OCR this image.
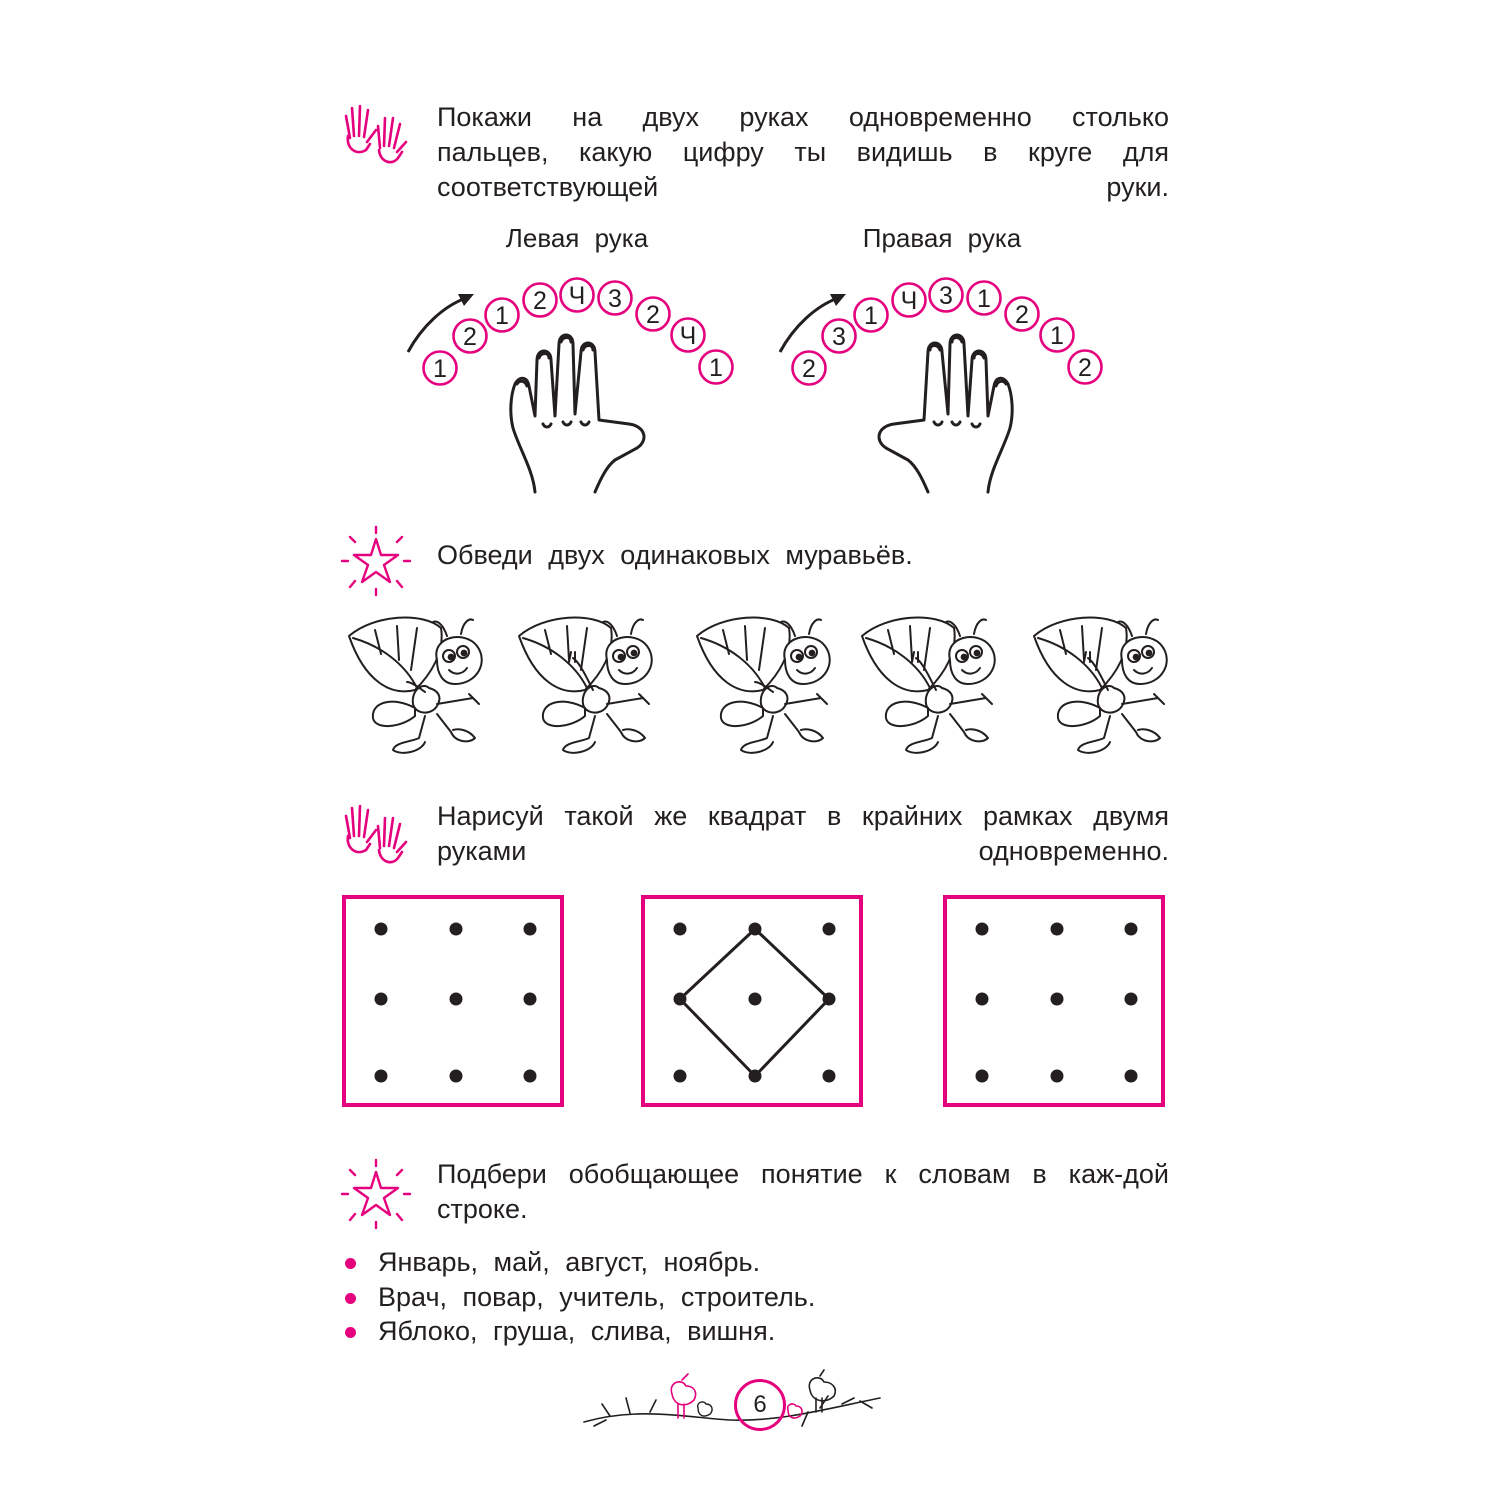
Покажи на двух руках одновременно столько пальцев, какую цифру ты видишь в круге для соответствующей руки.
Левая рука	Правая рука
1
2
1
2 Ч 3
2
Ч
1	2
3
1
Ч 3 1
2
1
2
Обведи двух одинаковых муравьёв.
Нарисуй такой же квадрат в крайних рамках двумя руками одновременно.
Подбери обобщающее понятие к словам в каж-дой строке.
Январь, май, август, ноябрь.
Врач, повар, учитель, строитель.
Яблоко, груша, слива, вишня.
6
